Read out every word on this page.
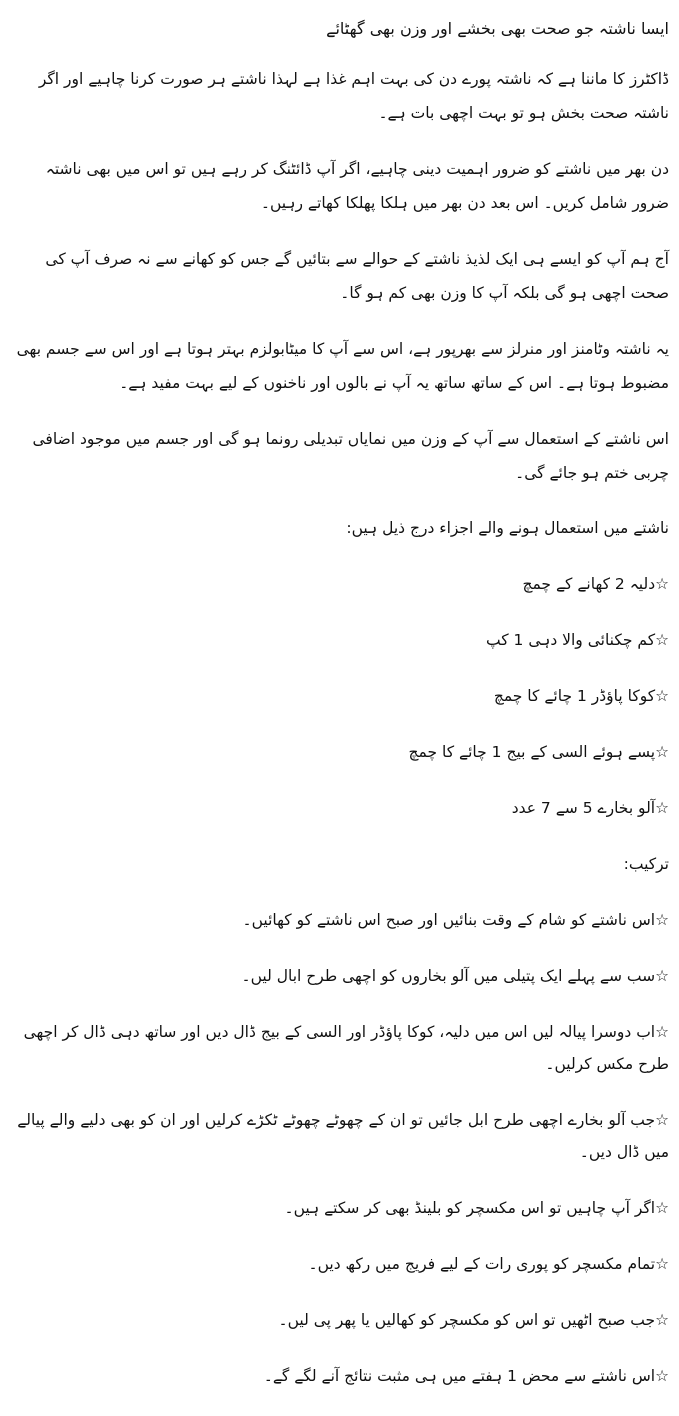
ایسا ناشتہ جو صحت بھی بخشے اور وزن بھی گھٹائے

ڈاکٹرز کا ماننا ہے کہ ناشتہ پورے دن کی بہت اہم غذا ہے لہذا ناشتے ہر صورت کرنا چاہیے اور اگر ناشتہ صحت بخش ہو تو بہت اچھی بات ہے۔

دن بھر میں ناشتے کو ضرور اہمیت دینی چاہیے، اگر آپ ڈائٹنگ کر رہے ہیں تو اس میں بھی ناشتہ ضرور شامل کریں۔ اس بعد دن بھر میں ہلکا پھلکا کھاتے رہیں۔

آج ہم آپ کو ایسے ہی ایک لذیذ ناشتے کے حوالے سے بتائیں گے جس کو کھانے سے نہ صرف آپ کی صحت اچھی ہو گی بلکہ آپ کا وزن بھی کم ہو گا۔

یہ ناشتہ وٹامنز اور منرلز سے بھرپور ہے، اس سے آپ کا میٹابولزم بہتر ہوتا ہے اور اس سے جسم بھی مضبوط ہوتا ہے۔ اس کے ساتھ ساتھ یہ آپ نے بالوں اور ناخنوں کے لیے بہت مفید ہے۔

اس ناشتے کے استعمال سے آپ کے وزن میں نمایاں تبدیلی رونما ہو گی اور جسم میں موجود اضافی چربی ختم ہو جائے گی۔

ناشتے میں استعمال ہونے والے اجزاء درج ذیل ہیں:

☆دلیہ 2 کھانے کے چمچ
☆کم چکنائی والا دہی 1 کپ
☆کوکا پاؤڈر 1 چائے کا چمچ
☆پسے ہوئے السی کے بیج 1 چائے کا چمچ
☆آلو بخارے 5 سے 7 عدد

ترکیب:

☆اس ناشتے کو شام کے وقت بنائیں اور صبح اس ناشتے کو کھائیں۔
☆سب سے پہلے ایک پتیلی میں آلو بخاروں کو اچھی طرح ابال لیں۔
☆اب دوسرا پیالہ لیں اس میں دلیہ، کوکا پاؤڈر اور السی کے بیج ڈال دیں اور ساتھ دہی ڈال کر اچھی طرح مکس کرلیں۔
☆جب آلو بخارے اچھی طرح ابل جائیں تو ان کے چھوٹے چھوٹے ٹکڑے کرلیں اور ان کو بھی دلیے والے پیالے میں ڈال دیں۔
☆اگر آپ چاہیں تو اس مکسچر کو بلینڈ بھی کر سکتے ہیں۔
☆تمام مکسچر کو پوری رات کے لیے فریج میں رکھ دیں۔
☆جب صبح اٹھیں تو اس کو مکسچر کو کھالیں یا پھر پی لیں۔
☆اس ناشتے سے محض 1 ہفتے میں ہی مثبت نتائج آنے لگے گے۔
